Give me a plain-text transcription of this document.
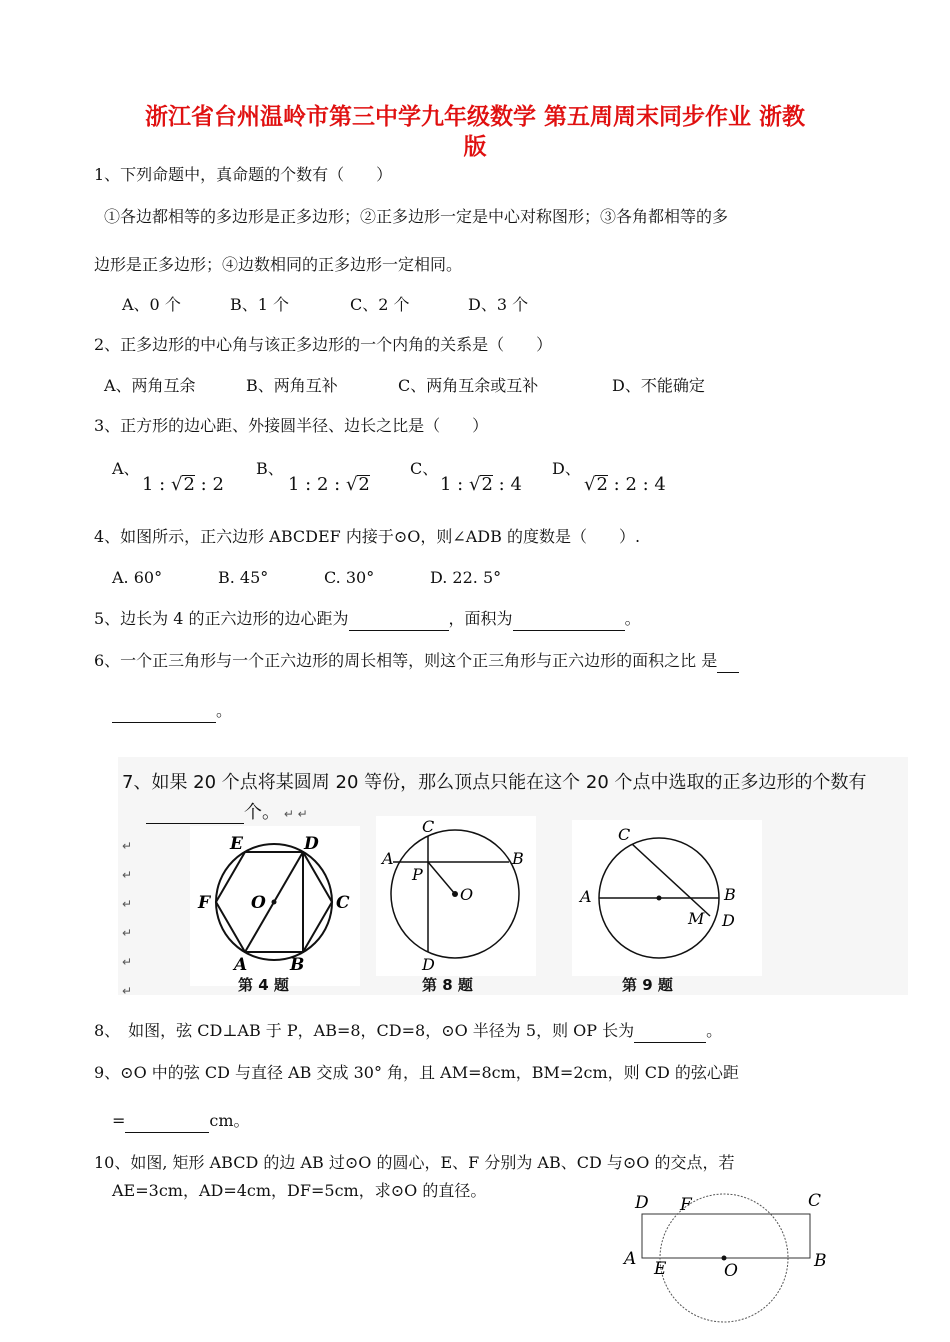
浙江省台州温岭市第三中学九年级数学 第五周周末同步作业 浙教
版
1、下列命题中，真命题的个数有（　　）
①各边都相等的多边形是正多边形；②正多边形一定是中心对称图形；③各角都相等的多
边形是正多边形；④边数相同的正多边形一定相同。
A、0 个	B、1 个	C、2 个	D、3 个
2、正多边形的中心角与该正多边形的一个内角的关系是（　　）
A、两角互余	B、两角互补	C、两角互余或互补	D、不能确定
3、正方形的边心距、外接圆半径、边长之比是（　　）
A、	B、	C、	D、
1 : √2 : 2	1 : 2 : √2	1 : √2 : 4	√2 : 2 : 4
4、如图所示，正六边形 ABCDEF 内接于⊙O，则∠ADB 的度数是（　　）.
A. 60°	B. 45°	C. 30°	D. 22. 5°
5、边长为 4 的正六边形的边心距为	，面积为	。
6、一个正三角形与一个正六边形的周长相等，则这个正三角形与正六边形的面积之比 是
。
7、如果 20 个点将某圆周 20 等份，那么顶点只能在这个 20 个点中选取的正多边形的个数有
个。 ↵ ↵
↵
↵
↵
↵
↵
↵
E	D
F O	C
A	B
第 4 题
C
A	B
P
O
D
第 8 题
C
A	B
M D
第 9 题
8、　如图，弦 CD⊥AB 于 P，AB=8，CD=8，⊙O 半径为 5，则 OP 长为	。
9、⊙O 中的弦 CD 与直径 AB 交成 30° 角，且 AM=8cm，BM=2cm，则 CD 的弦心距
=	cm。
10、如图, 矩形 ABCD 的边 AB 过⊙O 的圆心，E、F 分别为 AB、CD 与⊙O 的交点，若
AE=3cm，AD=4cm，DF=5cm，求⊙O 的直径。
D F	C
A E	O	B
